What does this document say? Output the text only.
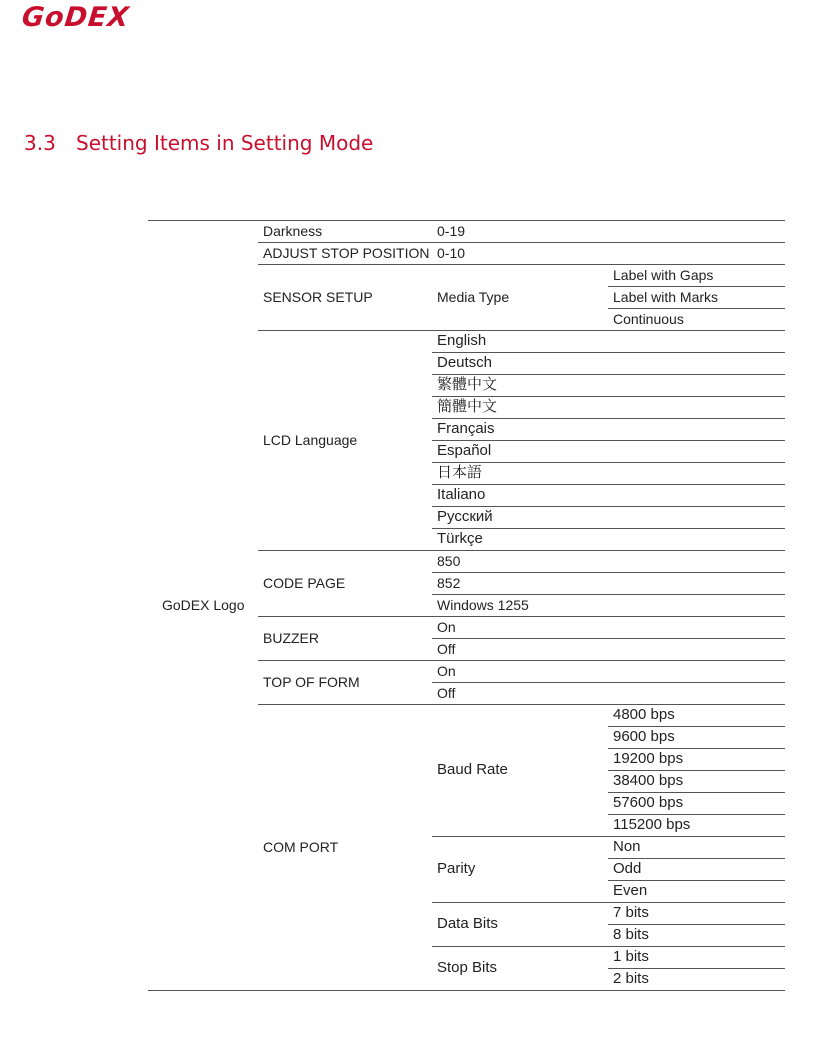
GoDEX
3.3 Setting Items in Setting Mode
Darkness	0-19
ADJUST STOP POSITION 0-10
SENSOR SETUP	Media Type
Label with Gaps
Label with Marks
Continuous
LCD Language
English
Deutsch
繁體中文
簡體中文
Français
Español
日本語
Italiano
Русский
Türkçe
CODE PAGE
850
852
Windows 1255
BUZZER
On
Off
TOP OF FORM
On
Off
COM PORT
Baud Rate
4800 bps
9600 bps
19200 bps
38400 bps
57600 bps
115200 bps
Parity
Non
Odd
Even
Data Bits
7 bits
8 bits
Stop Bits
1 bits
2 bits
GoDEX Logo
